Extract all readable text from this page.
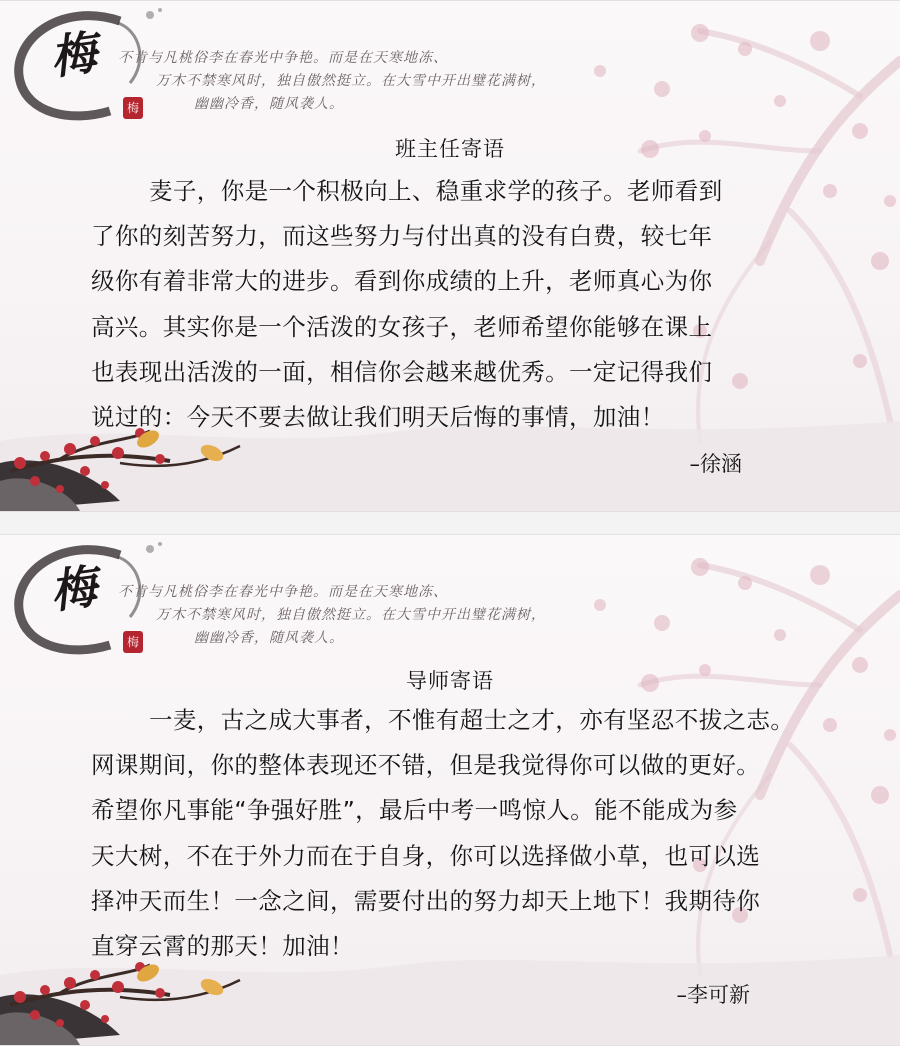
梅
梅
不肯与凡桃俗李在春光中争艳。而是在天寒地冻、
万木不禁寒风时，独自傲然挺立。在大雪中开出璧花满树，
幽幽冷香，随风袭人。
班主任寄语
麦子，你是一个积极向上、稳重求学的孩子。老师看到
了你的刻苦努力，而这些努力与付出真的没有白费，较七年
级你有着非常大的进步。看到你成绩的上升，老师真心为你
高兴。其实你是一个活泼的女孩子，老师希望你能够在课上
也表现出活泼的一面，相信你会越来越优秀。一定记得我们
说过的：今天不要去做让我们明天后悔的事情，加油！
–徐涵
梅
梅
不肯与凡桃俗李在春光中争艳。而是在天寒地冻、
万木不禁寒风时，独自傲然挺立。在大雪中开出璧花满树，
幽幽冷香，随风袭人。
导师寄语
一麦，古之成大事者，不惟有超士之才，亦有坚忍不拔之志。
网课期间，你的整体表现还不错，但是我觉得你可以做的更好。
希望你凡事能“争强好胜”，最后中考一鸣惊人。能不能成为参
天大树，不在于外力而在于自身，你可以选择做小草，也可以选
择冲天而生！一念之间，需要付出的努力却天上地下！我期待你
直穿云霄的那天！加油！
–李可新
